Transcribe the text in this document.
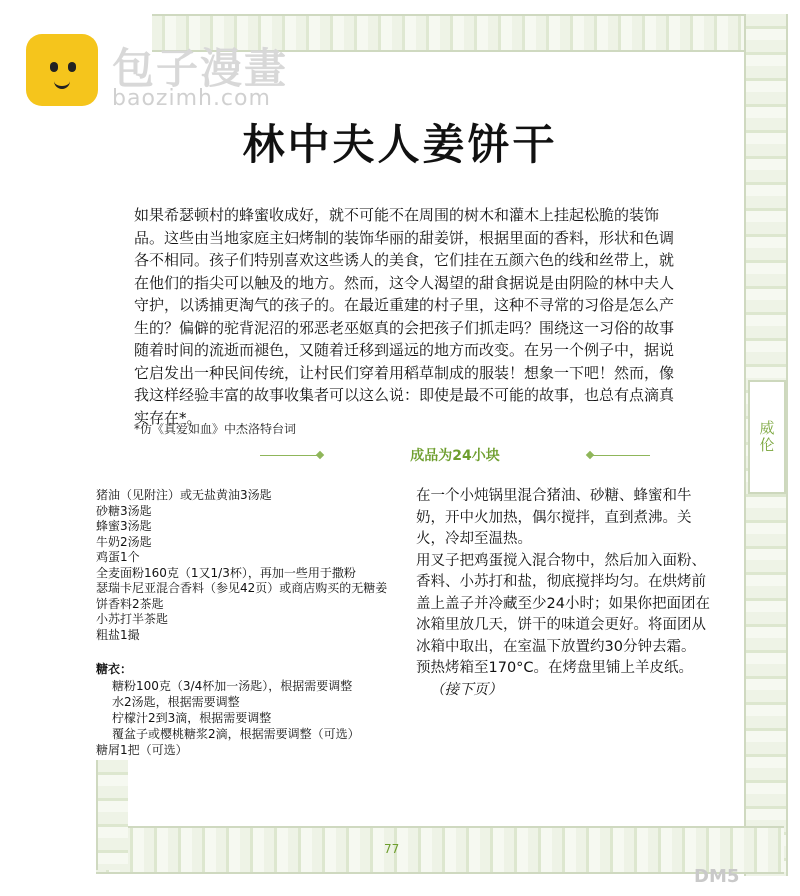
威伦
包子漫畫
baozimh.com
林中夫人姜饼干
如果希瑟顿村的蜂蜜收成好，就不可能不在周围的树木和灌木上挂起松脆的装饰品。这些由当地家庭主妇烤制的装饰华丽的甜姜饼，根据里面的香料，形状和色调各不相同。孩子们特别喜欢这些诱人的美食，它们挂在五颜六色的线和丝带上，就在他们的指尖可以触及的地方。然而，这令人渴望的甜食据说是由阴险的林中夫人守护，以诱捕更淘气的孩子的。在最近重建的村子里，这种不寻常的习俗是怎么产生的？偏僻的驼背泥沼的邪恶老巫妪真的会把孩子们抓走吗？围绕这一习俗的故事随着时间的流逝而褪色，又随着迁移到遥远的地方而改变。在另一个例子中，据说它启发出一种民间传统，让村民们穿着用稻草制成的服装！想象一下吧！然而，像我这样经验丰富的故事收集者可以这么说：即使是最不可能的故事，也总有点滴真实存在*。
*仿《真爱如血》中杰洛特台词
成品为24小块
猪油（见附注）或无盐黄油3汤匙
砂糖3汤匙
蜂蜜3汤匙
牛奶2汤匙
鸡蛋1个
全麦面粉160克（1又1/3杯），再加一些用于撒粉
瑟瑞卡尼亚混合香料（参见42页）或商店购买的无糖姜饼香料2茶匙
小苏打半茶匙
粗盐1撮
糖衣：
糖粉100克（3/4杯加一汤匙），根据需要调整
水2汤匙，根据需要调整
柠檬汁2到3滴，根据需要调整
覆盆子或樱桃糖浆2滴，根据需要调整（可选）
糖屑1把（可选）

在一个小炖锅里混合猪油、砂糖、蜂蜜和牛奶，开中火加热，偶尔搅拌，直到煮沸。关火，冷却至温热。

用叉子把鸡蛋搅入混合物中，然后加入面粉、香料、小苏打和盐，彻底搅拌均匀。在烘烤前盖上盖子并冷藏至少24小时；如果你把面团在冰箱里放几天，饼干的味道会更好。将面团从冰箱中取出，在室温下放置约30分钟去霜。

预热烤箱至170°C。在烤盘里铺上羊皮纸。

（接下页）

77
DM5
